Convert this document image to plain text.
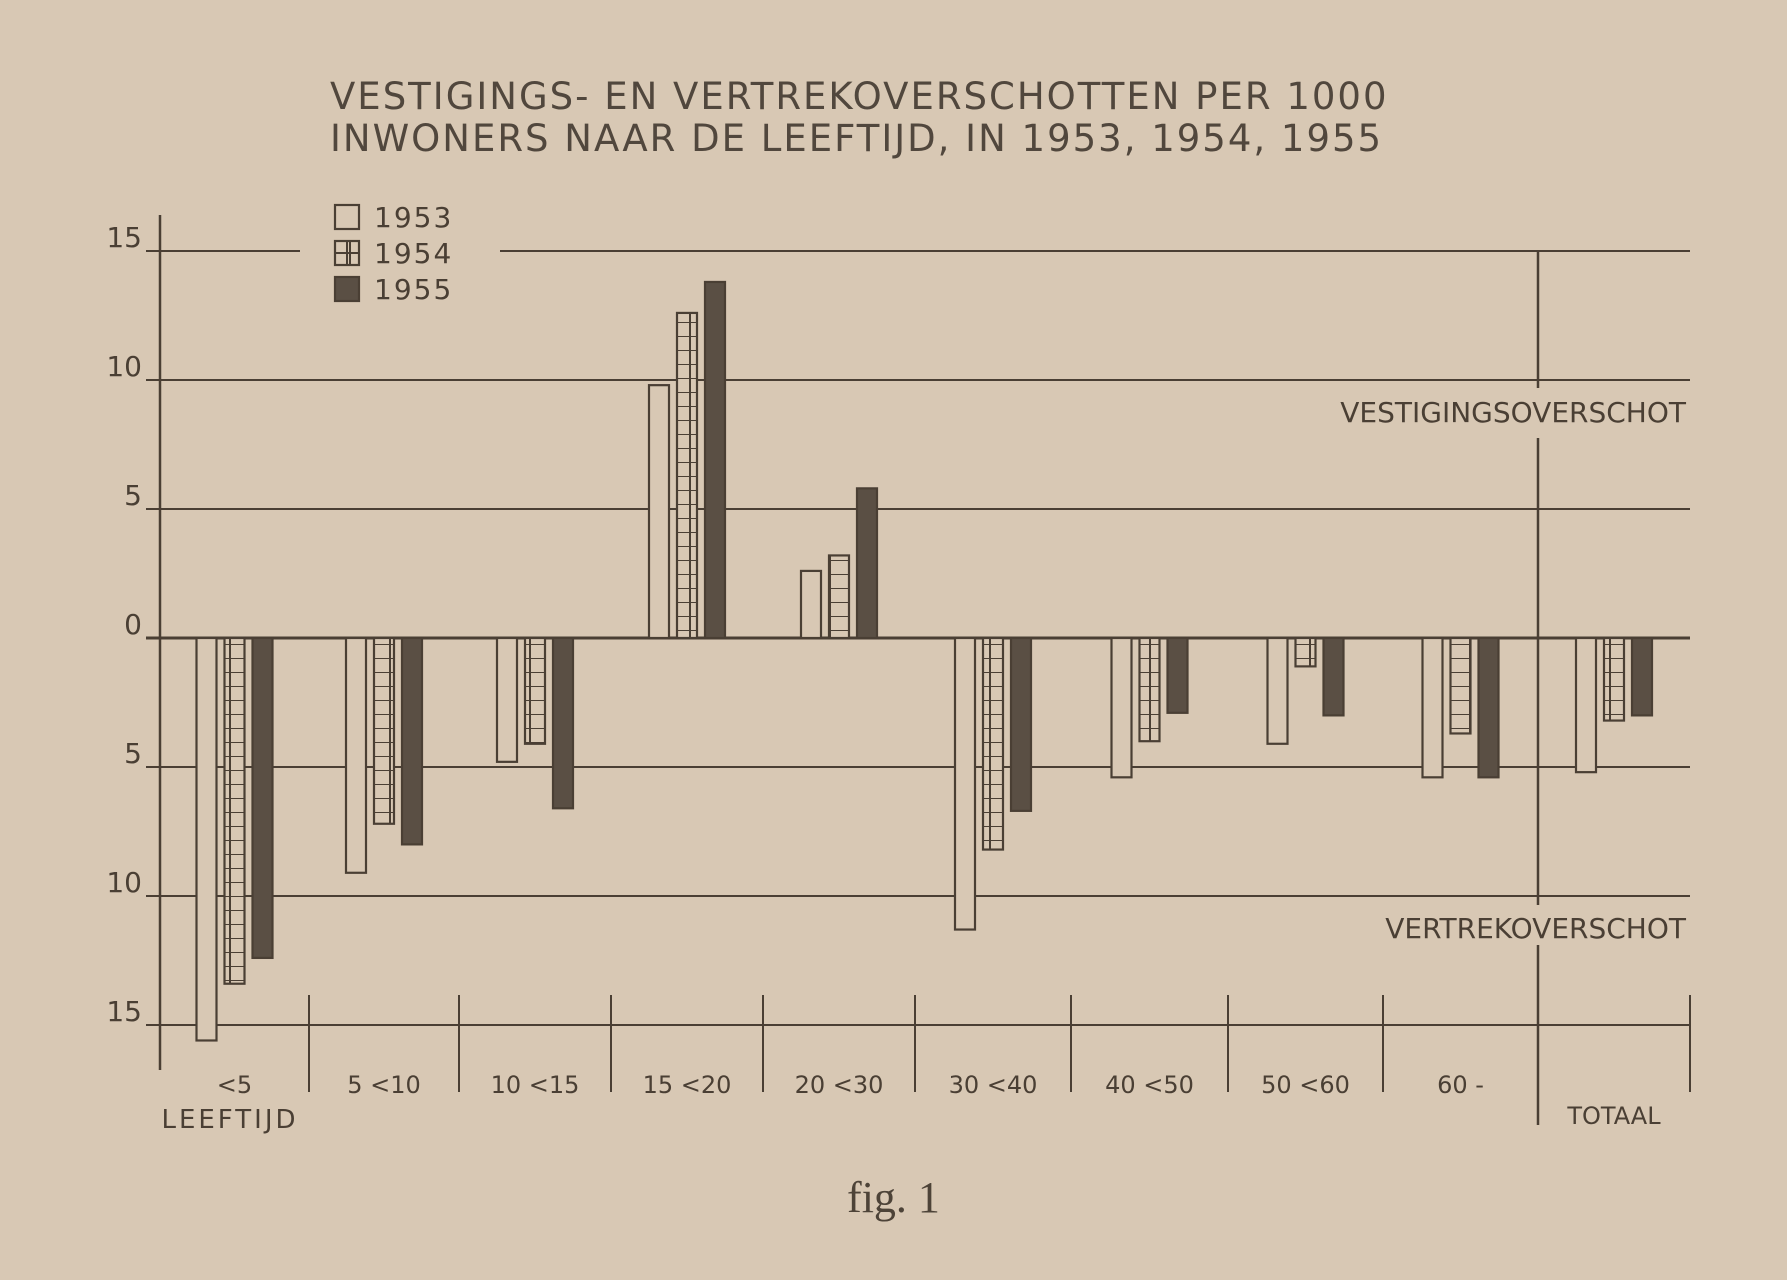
VESTIGINGS- EN VERTREKOVERSCHOTTEN PER 1000
INWONERS NAAR DE LEEFTIJD, IN 1953, 1954, 1955
15
10
5
0
5
10
15
<5	5 <10	10 <15	15 <20	20 <30	30 <40	40 <50	50 <60	60 -
TOTAAL
LEEFTIJD
VESTIGINGSOVERSCHOT
VERTREKOVERSCHOT
1953
1954
1955
fig. 1
